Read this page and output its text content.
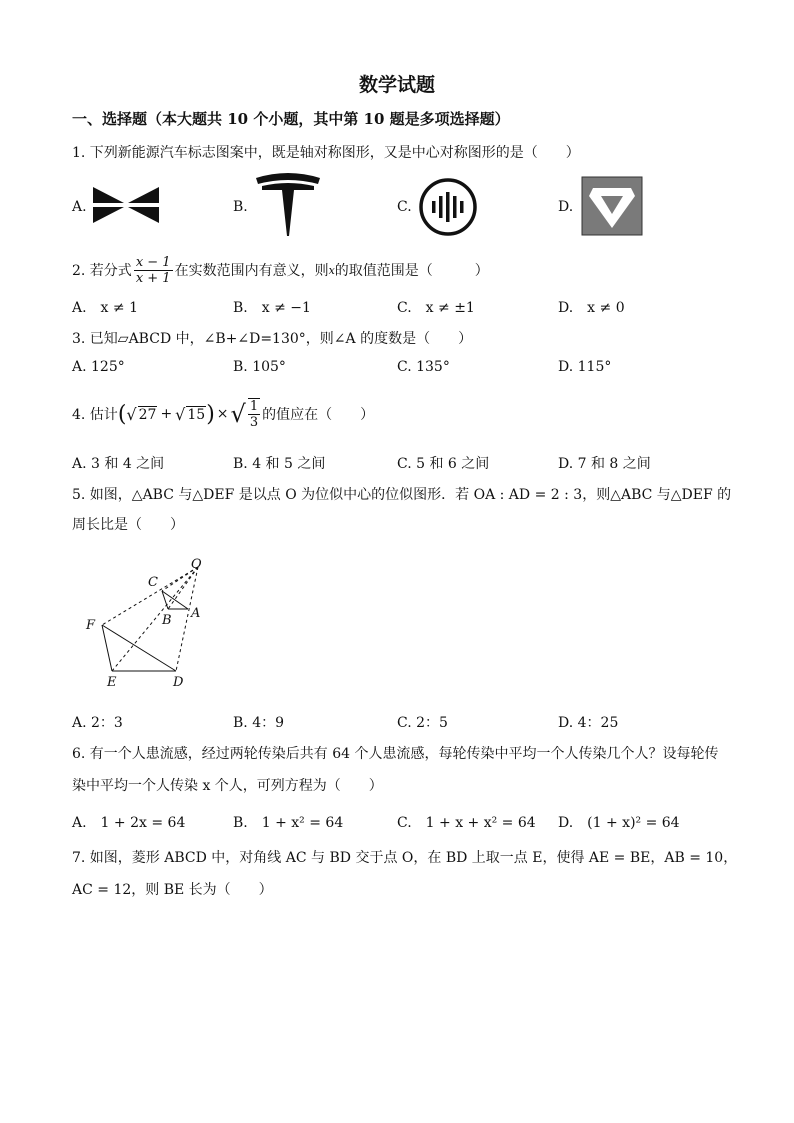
数学试题
一、选择题（本大题共 10 个小题，其中第 10 题是多项选择题）
1. 下列新能源汽车标志图案中，既是轴对称图形，又是中心对称图形的是（　　）
A.	B.	C.	D.
2. 若分式 $\frac{x - 1}{x + 1}$ 在实数范围内有意义，则 x 的取值范围是（　　　）
A.　x ≠ 1	B.　x ≠ −1	C.　x ≠ ±1	D.　x ≠ 0
3. 已知▱ABCD 中，∠B+∠D=130°，则∠A 的度数是（　　）
A. 125°	B. 105°	C. 135°	D. 115°
4. 估计 ( √ 27 + √ 15 ) × √ $\frac{1}{3}$ 的值应在（　　）
A. 3 和 4 之间	B. 4 和 5 之间	C. 5 和 6 之间	D. 7 和 8 之间
5. 如图，△ABC 与△DEF 是以点 O 为位似中心的位似图形．若 OA : AD = 2 : 3，则△ABC 与△DEF 的
周长比是（　　）
O
C
A
B
F
E	D
A. 2：3	B. 4：9	C. 2：5	D. 4：25
6. 有一个人患流感，经过两轮传染后共有 64 个人患流感，每轮传染中平均一个人传染几个人？设每轮传
染中平均一个人传染 x 个人，可列方程为（　　）
A.　1 + 2x = 64	B.　1 + x² = 64	C.　1 + x + x² = 64 D.　(1 + x)² = 64
7. 如图，菱形 ABCD 中，对角线 AC 与 BD 交于点 O，在 BD 上取一点 E，使得 AE = BE，AB = 10，
AC = 12，则 BE 长为（　　）
